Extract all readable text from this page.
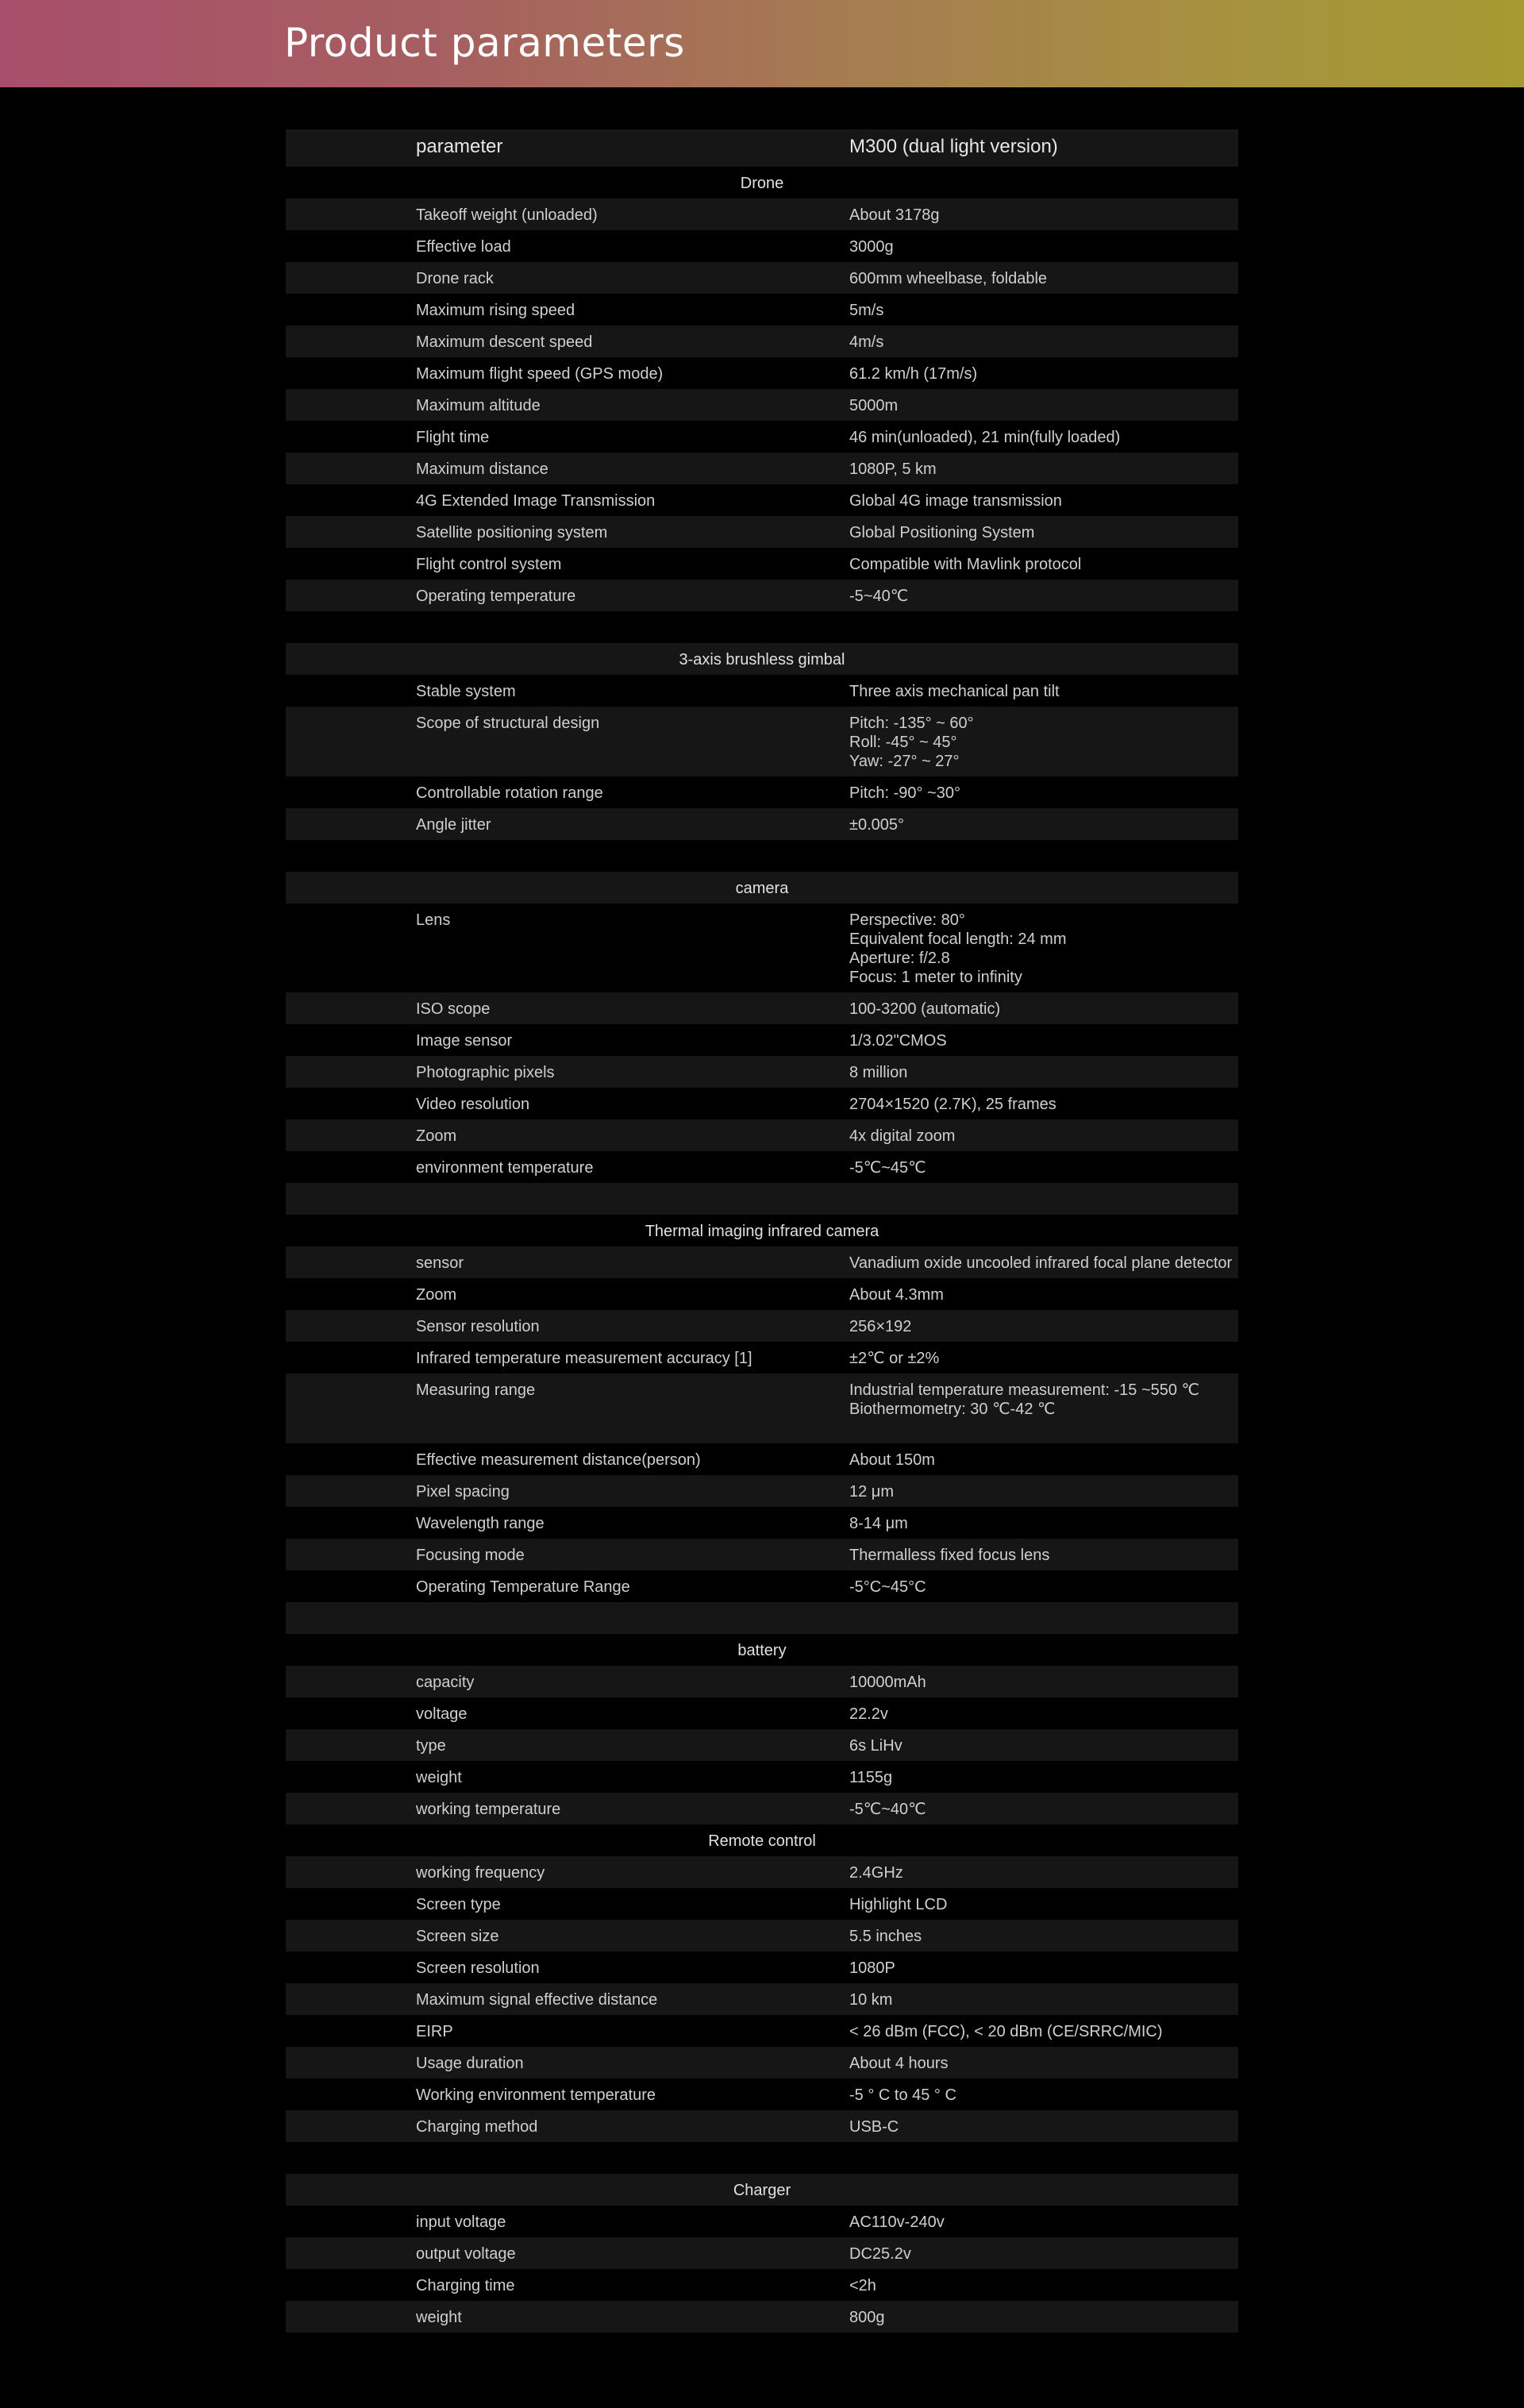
Product parameters
parameter	M300 (dual light version)
Drone
Takeoff weight (unloaded)	About 3178g
Effective load	3000g
Drone rack	600mm wheelbase, foldable
Maximum rising speed	5m/s
Maximum descent speed	4m/s
Maximum flight speed (GPS mode)	61.2 km/h (17m/s)
Maximum altitude	5000m
Flight time	46 min(unloaded), 21 min(fully loaded)
Maximum distance	1080P, 5 km
4G Extended Image Transmission	Global 4G image transmission
Satellite positioning system	Global Positioning System
Flight control system	Compatible with Mavlink protocol
Operating temperature	-5~40℃
3-axis brushless gimbal
Stable system	Three axis mechanical pan tilt
Scope of structural design	Pitch: -135° ~ 60°
Roll: -45° ~ 45°
Yaw: -27° ~ 27°
Controllable rotation range	Pitch: -90° ~30°
Angle jitter	±0.005°
camera
Lens	Perspective: 80°
Equivalent focal length: 24 mm
Aperture: f/2.8
Focus: 1 meter to infinity
ISO scope	100-3200 (automatic)
Image sensor	1/3.02"CMOS
Photographic pixels	8 million
Video resolution	2704×1520 (2.7K), 25 frames
Zoom	4x digital zoom
environment temperature	-5℃~45℃
Thermal imaging infrared camera
sensor	Vanadium oxide uncooled infrared focal plane detector
Zoom	About 4.3mm
Sensor resolution	256×192
Infrared temperature measurement accuracy [1]	±2℃ or ±2%
Measuring range	Industrial temperature measurement: -15 ~550 ℃
Biothermometry: 30 ℃-42 ℃
Effective measurement distance(person)	About 150m
Pixel spacing	12 μm
Wavelength range	8-14 μm
Focusing mode	Thermalless fixed focus lens
Operating Temperature Range	-5°C~45°C
battery
capacity	10000mAh
voltage	22.2v
type	6s LiHv
weight	1155g
working temperature	-5℃~40℃
Remote control
working frequency	2.4GHz
Screen type	Highlight LCD
Screen size	5.5 inches
Screen resolution	1080P
Maximum signal effective distance	10 km
EIRP	< 26 dBm (FCC), < 20 dBm (CE/SRRC/MIC)
Usage duration	About 4 hours
Working environment temperature	-5 ° C to 45 ° C
Charging method	USB-C
Charger
input voltage	AC110v-240v
output voltage	DC25.2v
Charging time	<2h
weight	800g
